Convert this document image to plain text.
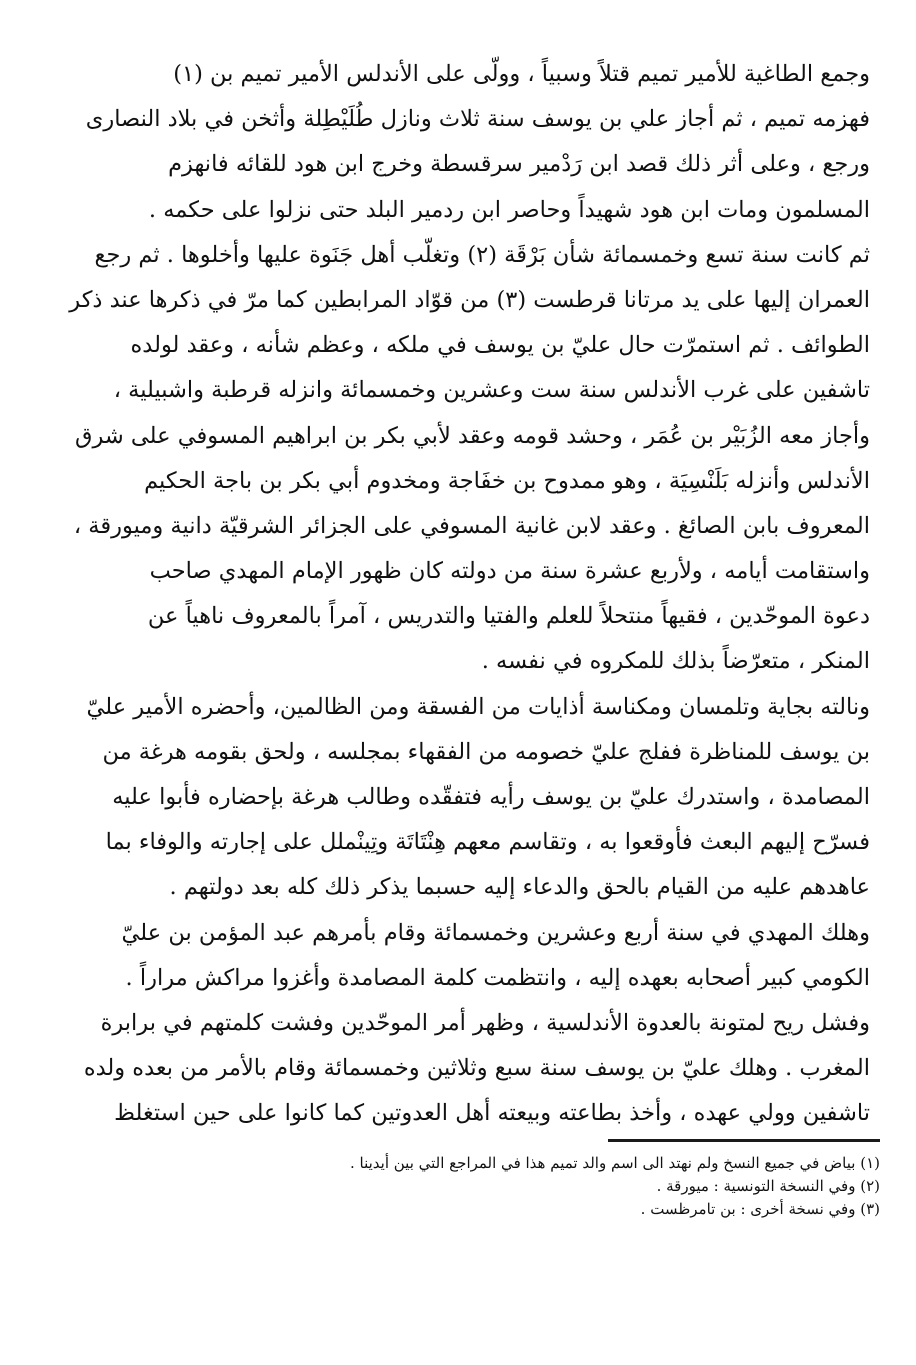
وجمع الطاغية للأمير تميم قتلاً وسبياً ، وولّى على الأندلس الأمير تميم بن (١)
فهزمه تميم ، ثم أجاز علي بن يوسف سنة ثلاث ونازل طُلَيْطِلة وأثخن في بلاد النصارى
ورجع ، وعلى أثر ذلك قصد ابن رَدْمير سرقسطة وخرج ابن هود للقائه فانهزم
المسلمون ومات ابن هود شهيداً وحاصر ابن ردمير البلد حتى نزلوا على حكمه .
ثم كانت سنة تسع وخمسمائة شأن بَرْقَة (٢) وتغلّب أهل جَنَوة عليها وأخلوها . ثم رجع
العمران إليها على يد مرتانا قرطست (٣) من قوّاد المرابطين كما مرّ في ذكرها عند ذكر
الطوائف . ثم استمرّت حال عليّ بن يوسف في ملكه ، وعظم شأنه ، وعقد لولده
تاشفين على غرب الأندلس سنة ست وعشرين وخمسمائة وانزله قرطبة واشبيلية ،
وأجاز معه الزُبَيْر بن عُمَر ، وحشد قومه وعقد لأبي بكر بن ابراهيم المسوفي على شرق
الأندلس وأنزله بَلَنْسِيَة ، وهو ممدوح بن خفَاجة ومخدوم أبي بكر بن باجة الحكيم
المعروف بابن الصائغ . وعقد لابن غانية المسوفي على الجزائر الشرقيّة دانية وميورقة ،
واستقامت أيامه ، ولأربع عشرة سنة من دولته كان ظهور الإمام المهدي صاحب
دعوة الموحّدين ، فقيهاً منتحلاً للعلم والفتيا والتدريس ، آمراً بالمعروف ناهياً عن
المنكر ، متعرّضاً بذلك للمكروه في نفسه .
ونالته بجاية وتلمسان ومكناسة أذايات من الفسقة ومن الظالمين، وأحضره الأمير عليّ
بن يوسف للمناظرة ففلج عليّ خصومه من الفقهاء بمجلسه ، ولحق بقومه هرغة من
المصامدة ، واستدرك عليّ بن يوسف رأيه فتفقّده وطالب هرغة بإحضاره فأبوا عليه
فسرّح إليهم البعث فأوقعوا به ، وتقاسم معهم هِنْتَاتَة وتِينْملل على إجارته والوفاء بما
عاهدهم عليه من القيام بالحق والدعاء إليه حسبما يذكر ذلك كله بعد دولتهم .
وهلك المهدي في سنة أربع وعشرين وخمسمائة وقام بأمرهم عبد المؤمن بن عليّ
الكومي كبير أصحابه بعهده إليه ، وانتظمت كلمة المصامدة وأغزوا مراكش مراراً .
وفشل ريح لمتونة بالعدوة الأندلسية ، وظهر أمر الموحّدين وفشت كلمتهم في برابرة
المغرب . وهلك عليّ بن يوسف سنة سبع وثلاثين وخمسمائة وقام بالأمر من بعده ولده
تاشفين وولي عهده ، وأخذ بطاعته وبيعته أهل العدوتين كما كانوا على حين استغلظ
(١) بياض في جميع النسخ ولم نهتد الى اسم والد تميم هذا في المراجع التي بين أيدينا .
(٢) وفي النسخة التونسية : ميورقة .
(٣) وفي نسخة أخرى : بن تامرظست .
